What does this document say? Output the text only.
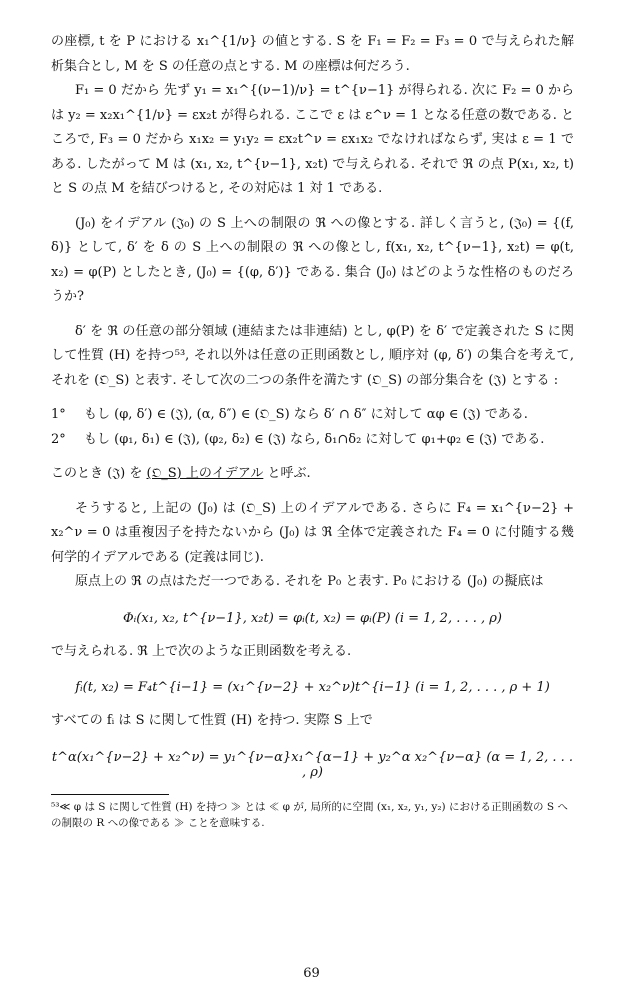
の座標, t を P における x₁^{1/ν} の値とする. S を F₁ = F₂ = F₃ = 0 で与えられた解析集合とし, M を S の任意の点とする. M の座標は何だろう.

F₁ = 0 だから 先ず y₁ = x₁^{(ν−1)/ν} = t^{ν−1} が得られる. 次に F₂ = 0 からは y₂ = x₂x₁^{1/ν} = εx₂t が得られる. ここで ε は ε^ν = 1 となる任意の数である. ところで, F₃ = 0 だから x₁x₂ = y₁y₂ = εx₂t^ν = εx₁x₂ でなければならず, 実は ε = 1 である. したがって M は (x₁, x₂, t^{ν−1}, x₂t) で与えられる. それで ℜ の点 P(x₁, x₂, t) と S の点 M を結びつけると, その対応は 1 対 1 である.

(J₀) をイデアル (𝔍₀) の S 上への制限の ℜ への像とする. 詳しく言うと, (𝔍₀) = {(f, δ)} として, δ′ を δ の S 上への制限の ℜ への像とし, f(x₁, x₂, t^{ν−1}, x₂t) = φ(t, x₂) = φ(P) としたとき, (J₀) = {(φ, δ′)} である. 集合 (J₀) はどのような性格のものだろうか?

δ′ を ℜ の任意の部分領域 (連結または非連結) とし, φ(P) を δ′ で定義された S に関して性質 (H) を持つ⁵³, それ以外は任意の正則函数とし, 順序対 (φ, δ′) の集合を考えて, それを (𝔒_S) と表す. そして次の二つの条件を満たす (𝔒_S) の部分集合を (𝔍) とする :

1°	もし (φ, δ′) ∈ (𝔍), (α, δ″) ∈ (𝔒_S) なら δ′ ∩ δ″ に対して αφ ∈ (𝔍) である.
2°	もし (φ₁, δ₁) ∈ (𝔍), (φ₂, δ₂) ∈ (𝔍) なら, δ₁∩δ₂ に対して φ₁+φ₂ ∈ (𝔍) である.

このとき (𝔍) を (𝔒_S) 上のイデアル と呼ぶ.

そうすると, 上記の (J₀) は (𝔒_S) 上のイデアルである. さらに F₄ = x₁^{ν−2} + x₂^ν = 0 は重複因子を持たないから (J₀) は ℜ 全体で定義された F₄ = 0 に付随する幾何学的イデアルである (定義は同じ).

原点上の ℜ の点はただ一つである. それを P₀ と表す. P₀ における (J₀) の擬底は

Φᵢ(x₁, x₂, t^{ν−1}, x₂t) = φᵢ(t, x₂) = φᵢ(P) (i = 1, 2, . . . , ρ)

で与えられる. ℜ 上で次のような正則函数を考える.

fᵢ(t, x₂) = F₄t^{i−1} = (x₁^{ν−2} + x₂^ν)t^{i−1} (i = 1, 2, . . . , ρ + 1)

すべての fᵢ は S に関して性質 (H) を持つ. 実際 S 上で

t^α(x₁^{ν−2} + x₂^ν) = y₁^{ν−α}x₁^{α−1} + y₂^α x₂^{ν−α} (α = 1, 2, . . . , ρ)

⁵³≪ φ は S に関して性質 (H) を持つ ≫ とは ≪ φ が, 局所的に空間 (x₁, x₂, y₁, y₂) における正則函数の S への制限の R への像である ≫ ことを意味する.

69
